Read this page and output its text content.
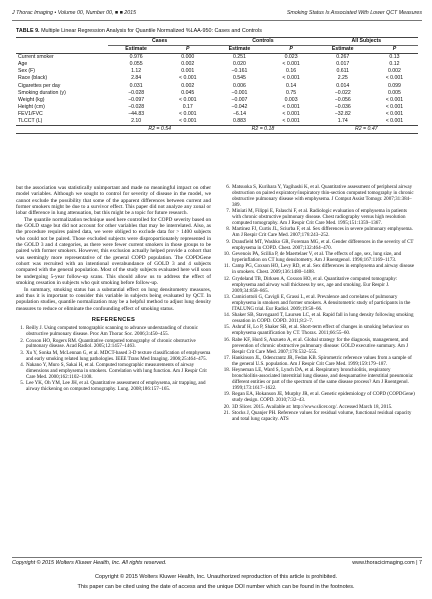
J Thorac Imaging • Volume 00, Number 00, ■ ■ 2015	Smoking Status Is Associated With Lower QCT Measures
TABLE 9. Multiple Linear Regression Analysis for Quantile Normalized %LAA-950: Cases and Controls
	Cases		Controls		All Subjects	
	Estimate	P	Estimate	P	Estimate	P
Current smoker	0.976	0.000	0.251	0.023	0.267	0.13
Age	0.055	0.002	0.020	< 0.001	0.017	0.12
Sex (F)	1.12	0.001	−0.161	0.16	0.611	0.002
Race (black)	2.84	< 0.001	0.545	< 0.001	2.25	< 0.001
Cigarettes per day	0.031	0.002	0.006	0.14	0.014	0.099
Smoking duration (y)	−0.028	0.045	−0.001	0.75	−0.022	0.005
Weight (kg)	−0.097	< 0.001	−0.007	0.003	−0.056	< 0.001
Height (cm)	−0.028	0.17	−0.042	< 0.001	−0.036	< 0.001
FEV1/FVC	−44.83	< 0.001	−6.14	< 0.001	−32.82	< 0.001
TLCCT (L)	2.10	< 0.001	0.883	< 0.001	1.74	< 0.001
	R2 = 0.54		R2 = 0.18		R2 = 0.47	

but the association was statistically unimportant and made no meaningful impact on other model variables. Although we sought to control for severity of disease in the model, we cannot exclude the possibility that some of the apparent differences between current and former smokers might be due to a survivor effect. This paper did not analyze any zonal or lobar difference in lung attenuation, but this might be a topic for future research.

The quantile normalization technique used here controlled for COPD severity based on the GOLD stage but did not account for other variables that may be interrelated. Also, as the procedure requires paired data, we were obliged to exclude data for > 1400 subjects who could not be paired. Those excluded subjects were disproportionately represented in the GOLD 3 and 4 categories, as there were fewer current smokers in those groups to be paired with former smokers. However, this exclusion actually helped provide a cohort that was seemingly more representative of the general COPD population. The COPDGene cohort was recruited with an intentional overabundance of GOLD 3 and 4 subjects compared with the general population. Most of the study subjects evaluated here will soon be undergoing 5-year follow-up scans. This should allow us to address the effect of smoking cessation in subjects who quit smoking before follow-up.

In summary, smoking status has a substantial effect on lung densitometry measures, and thus it is important to consider this variable in subjects being evaluated by QCT. In population studies, quantile normalization may be a helpful method to adjust lung density measures to reduce or eliminate the confounding effect of smoking status.

REFERENCES
1. Reilly J. Using computed tomographic scanning to advance understanding of chronic obstructive pulmonary disease. Proc Am Thorac Soc. 2006;3:450–455.
2. Coxson HO, Rogers RM. Quantitative computed tomography of chronic obstructive pulmonary disease. Acad Radiol. 2005;12:1457–1463.
3. Xu Y, Sonka M, McLennan G, et al. MDCT-based 3-D texture classification of emphysema and early smoking related lung pathologies. IEEE Trans Med Imaging. 2006;25:464–475.
4. Nakano Y, Muro S, Sakai H, et al. Computed tomographic measurements of airway dimensions and emphysema in smokers. Correlation with lung function. Am J Respir Crit Care Med. 2000;162:1102–1108.
5. Lee YK, Oh YM, Lee JH, et al. Quantitative assessment of emphysema, air trapping, and airway thickening on computed tomography. Lung. 2008;186:157–165.
6. Matsuoka S, Kurihara Y, Yagihashi K, et al. Quantitative assessment of peripheral airway obstruction on paired expiratory/inspiratory thin-section computed tomography in chronic obstructive pulmonary disease with emphysema. J Comput Assist Tomogr. 2007;31:384–389.
7. Miniati M, Filippi E, Falaschi F, et al. Radiologic evaluation of emphysema in patients with chronic obstructive pulmonary disease. Chest radiography versus high resolution computed tomography. Am J Respir Crit Care Med. 1995;151:1359–1367.
8. Martinez FJ, Curtis JL, Sciurba F, et al. Sex differences in severe pulmonary emphysema. Am J Respir Crit Care Med. 2007;176:243–252.
9. Dransfield MT, Washko GR, Foreman MG, et al. Gender differences in the severity of CT emphysema in COPD. Chest. 2007;132:464–470.
10. Gevenois PA, Scillia P, de Maertelaer V, et al. The effects of age, sex, lung size, and hyperinflation on CT lung densitometry. Am J Roentgenol. 1996;167:1169–1173.
11. Camp PG, Coxson HO, Levy RD, et al. Sex differences in emphysema and airway disease in smokers. Chest. 2009;136:1480–1488.
12. Grydeland TB, Dirksen A, Coxson HO, et al. Quantitative computed tomography: emphysema and airway wall thickness by sex, age and smoking. Eur Respir J. 2009;34:858–865.
13. Camiciottoli G, Cavigli E, Grassi L, et al. Prevalence and correlates of pulmonary emphysema in smokers and former smokers. A densitometric study of participants in the ITALUNG trial. Eur Radiol. 2009;19:58–66.
14. Shaker SB, Stavngaard T, Laursen LC, et al. Rapid fall in lung density following smoking cessation in COPD. COPD. 2011;8:2–7.
15. Ashraf H, Lo P, Shaker SB, et al. Short-term effect of changes in smoking behaviour on emphysema quantification by CT. Thorax. 2011;66:55–60.
16. Rabe KF, Hurd S, Anzueto A, et al. Global strategy for the diagnosis, management, and prevention of chronic obstructive pulmonary disease: GOLD executive summary. Am J Respir Crit Care Med. 2007;176:532–555.
17. Hankinson JL, Odencrantz JR, Fedan KB. Spirometric reference values from a sample of the general U.S. population. Am J Respir Crit Care Med. 1999;159:179–187.
18. Heyneman LE, Ward S, Lynch DA, et al. Respiratory bronchiolitis, respiratory bronchiolitis-associated interstitial lung disease, and desquamative interstitial pneumonia: different entities or part of the spectrum of the same disease process? Am J Roentgenol. 1999;173:1617–1622.
19. Regan EA, Hokanson JE, Murphy JR, et al. Genetic epidemiology of COPD (COPDGene) study design. COPD. 2010;7:32–43.
20. 3D Slicer. 2015. Available at: http://www.slicer.org/. Accessed March 18, 2015.
21. Stocks J, Quanjer PH. Reference values for residual volume, functional residual capacity and total lung capacity. ATS
Copyright © 2015 Wolters Kluwer Health, Inc. All rights reserved.	www.thoracicimaging.com | 7
Copyright © 2015 Wolters Kluwer Health, Inc. Unauthorized reproduction of this article is prohibited.
This paper can be cited using the date of access and the unique DOI number which can be found in the footnotes.
